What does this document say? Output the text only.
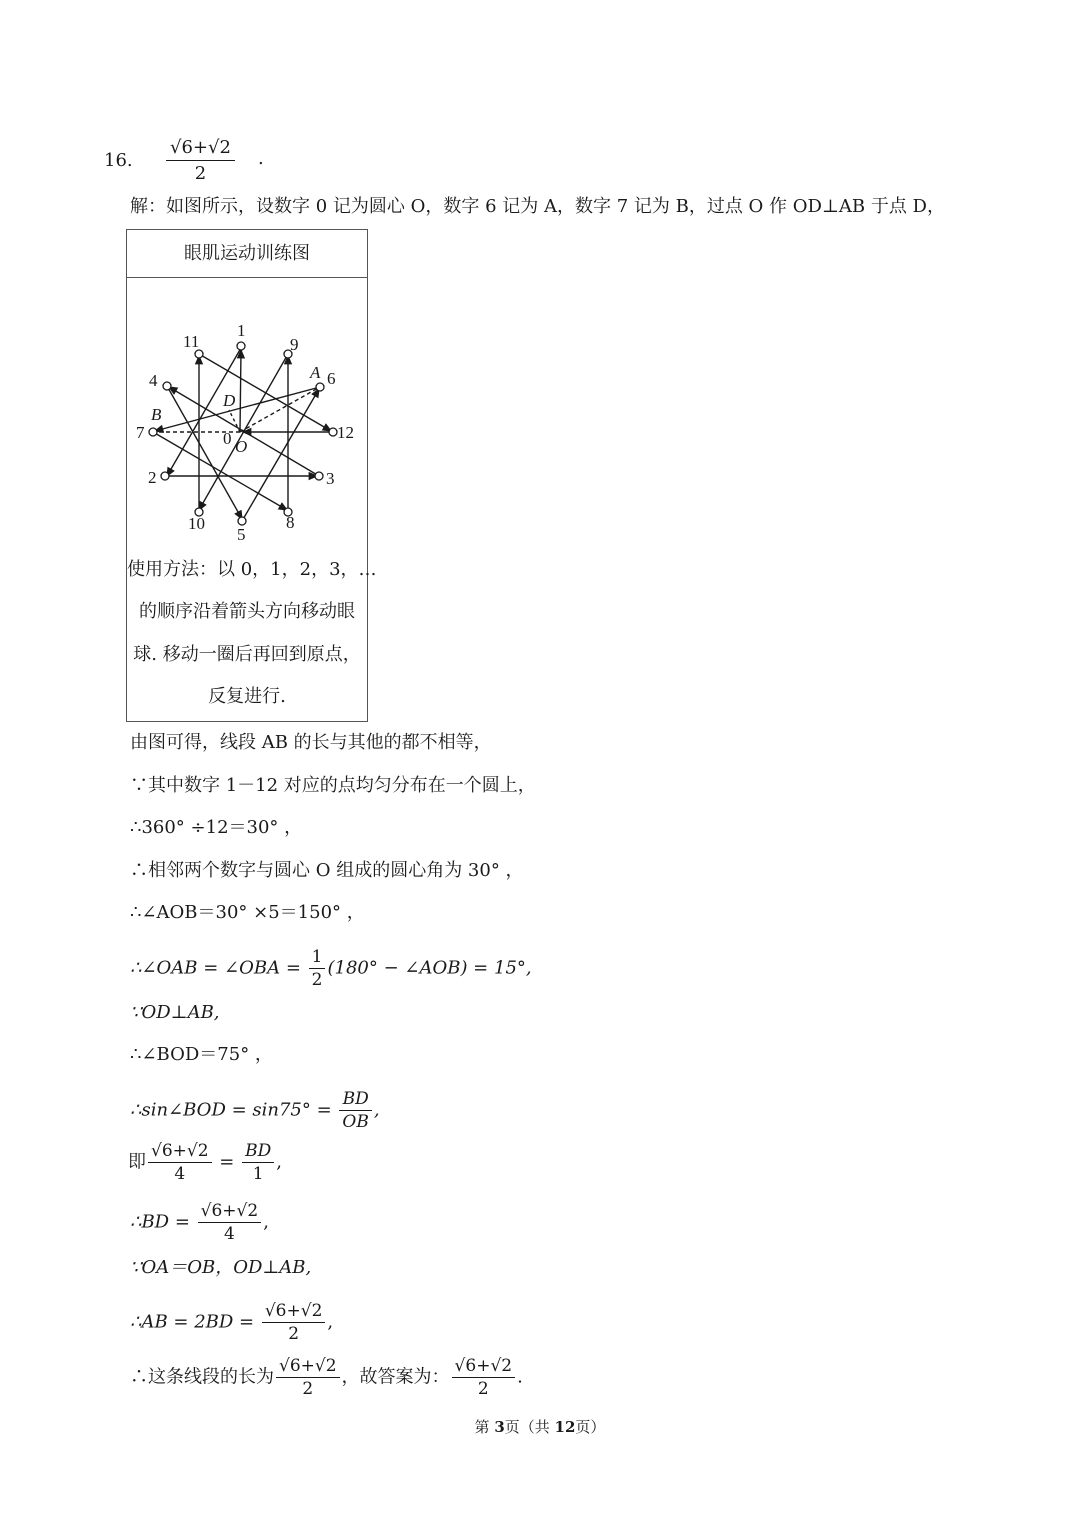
16.
√6+√2
2
.
解：如图所示，设数字 0 记为圆心 O，数字 6 记为 A，数字 7 记为 B，过点 O 作 OD⊥AB 于点 D，
眼肌运动训练图
1
11	9
4	A 6
D
B
7	0 O
12
2	3
10	8
5
使用方法：以 0，1，2，3，…
的顺序沿着箭头方向移动眼
球. 移动一圈后再回到原点，
反复进行.
由图可得，线段 AB 的长与其他的都不相等，
∵其中数字 1－12 对应的点均匀分布在一个圆上，
∴360° ÷12＝30° ，
∴相邻两个数字与圆心 O 组成的圆心角为 30° ，
∴∠AOB＝30° ×5＝150° ，
∴∠OAB = ∠OBA = $\frac{1}{2} (180^\circ$ − ∠AOB) = 15°,
∵OD⊥AB,
∴∠BOD＝75° ，
∴sin∠BOD = $\sin 75^\circ = \frac{BD}{OB}$ ,
即 $\frac{√6+√2}{4} = \frac{BD}{1}$ ,
∴BD = $\frac{√6+√2}{4}$ ,
∵OA＝OB，OD⊥AB,
∴AB = $2BD = \frac{√6+√2}{2}$ ,
∴这条线段的长为 $\frac{√6+√2}{2}$ ，故答案为： $\frac{√6+√2}{2}$ .
第 3页（共 12页）
